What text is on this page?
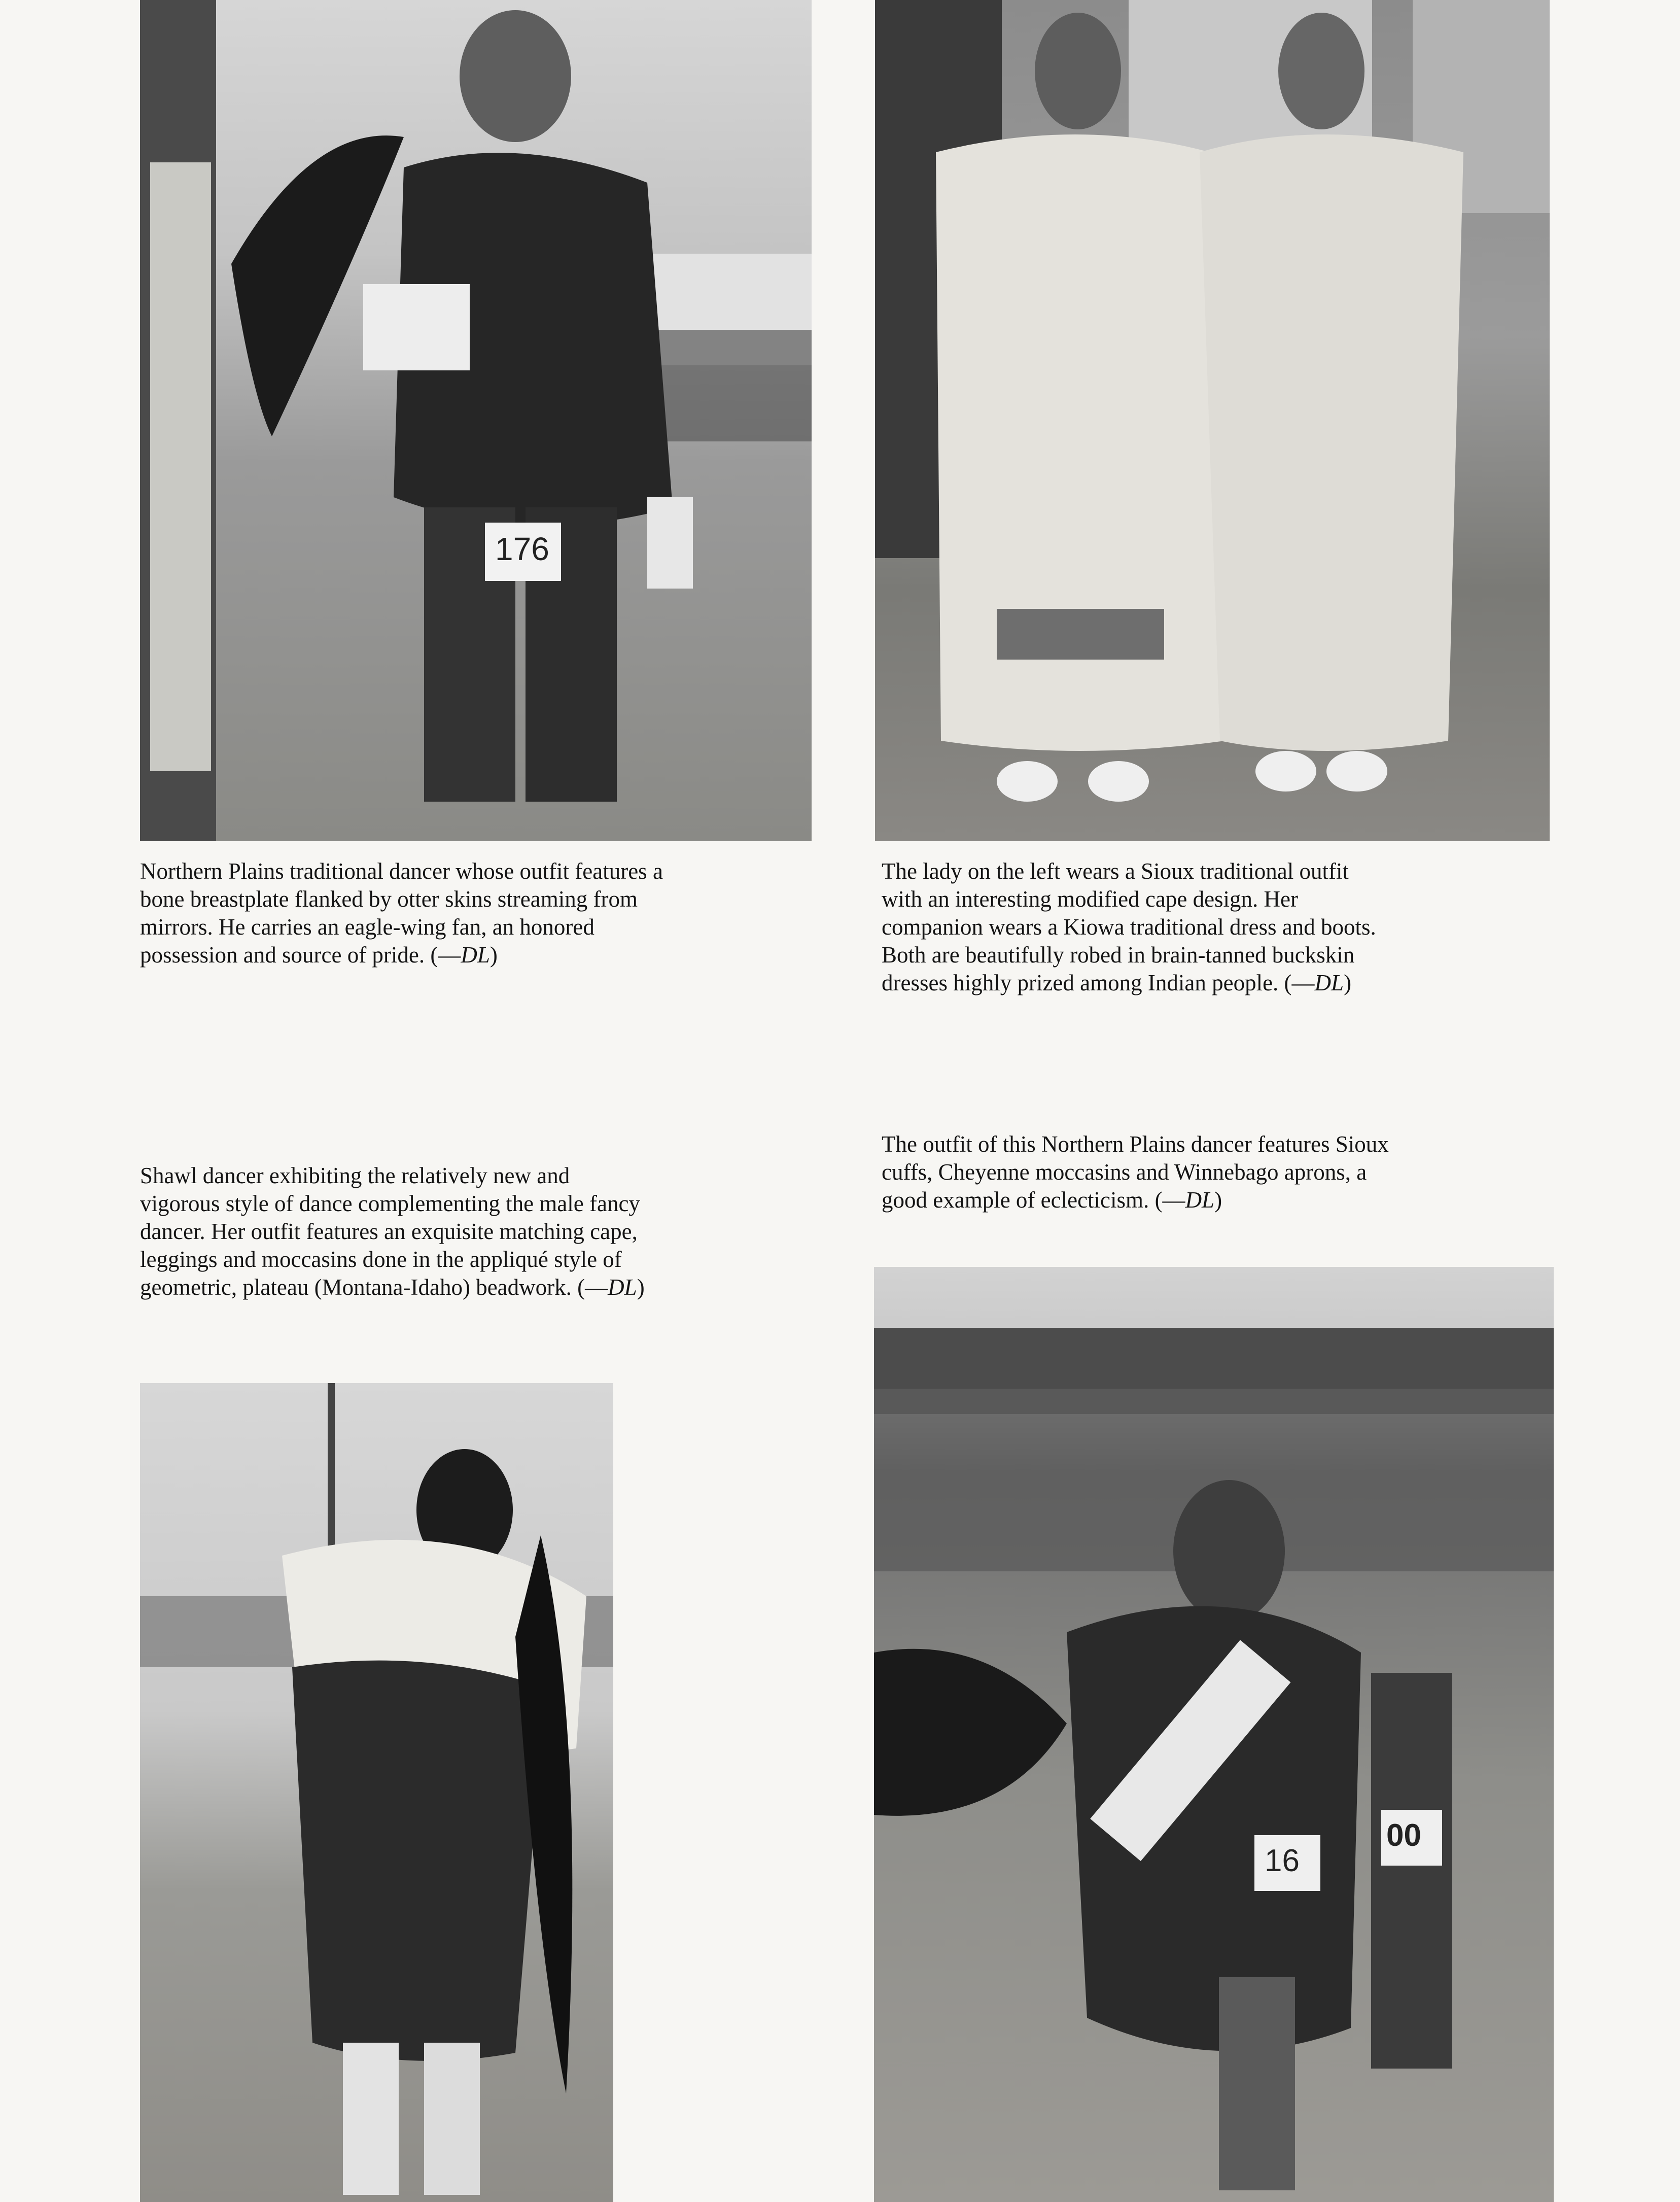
176

Northern Plains traditional dancer whose outfit features a bone breastplate flanked by otter skins streaming from mirrors. He carries an eagle-wing fan, an honored possession and source of pride. (—DL)

The lady on the left wears a Sioux traditional outfit with an interesting modified cape design. Her companion wears a Kiowa traditional dress and boots. Both are beautifully robed in brain-tanned buckskin dresses highly prized among Indian people. (—DL)

The outfit of this Northern Plains dancer features Sioux cuffs, Cheyenne moccasins and Winnebago aprons, a good example of eclecticism. (—DL)

Shawl dancer exhibiting the relatively new and vigorous style of dance complementing the male fancy dancer. Her outfit features an exquisite matching cape, leggings and moccasins done in the appliqué style of geometric, plateau (Montana-Idaho) beadwork. (—DL)

16
00
